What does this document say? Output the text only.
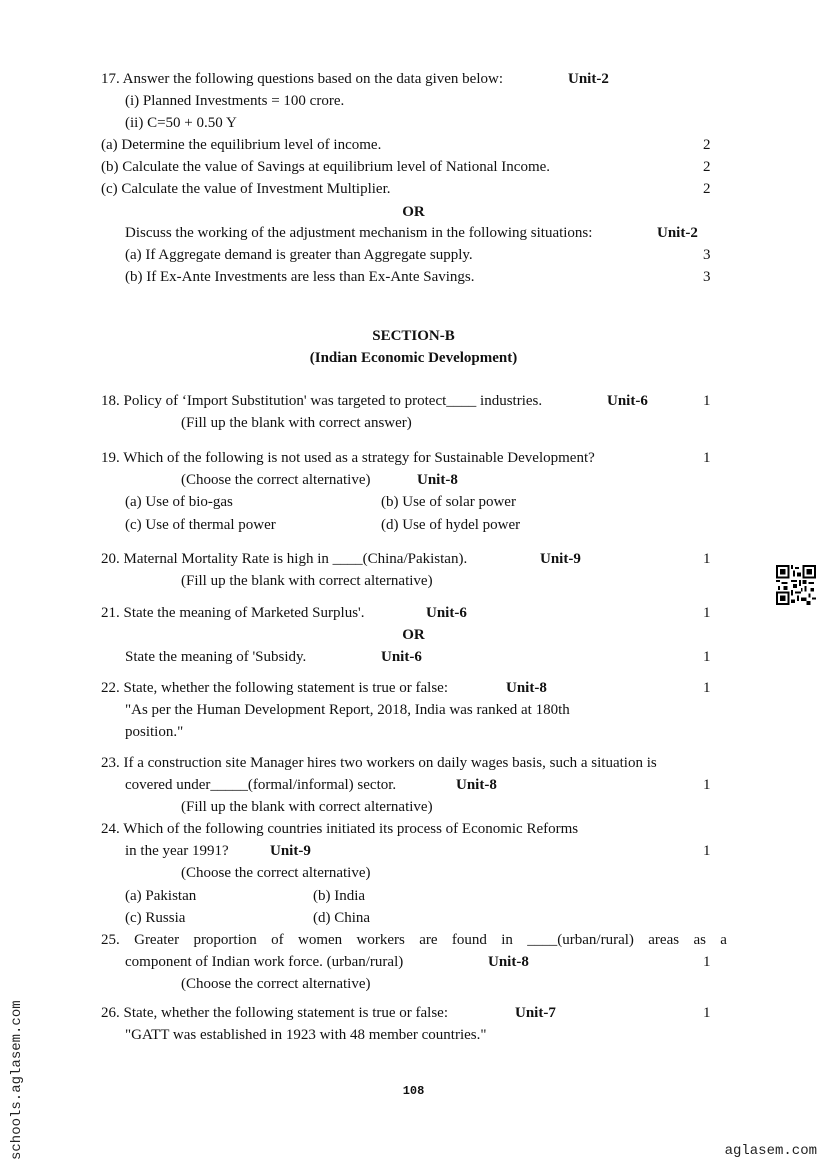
17. Answer the following questions based on the data given below:	Unit-2
(i) Planned Investments = 100 crore.
(ii) C=50 + 0.50 Y
(a) Determine the equilibrium level of income.	2
(b) Calculate the value of Savings at equilibrium level of National Income.	2
(c) Calculate the value of Investment Multiplier.	2
OR
Discuss the working of the adjustment mechanism in the following situations:	Unit-2
(a) If Aggregate demand is greater than Aggregate supply.	3
(b) If Ex-Ante Investments are less than Ex-Ante Savings.	3
SECTION-B
(Indian Economic Development)
18. Policy of ‘Import Substitution' was targeted to protect____ industries.	Unit-6	1
(Fill up the blank with correct answer)
19. Which of the following is not used as a strategy for Sustainable Development?	1
(Choose the correct alternative)	Unit-8
(a) Use of bio-gas	(b) Use of solar power
(c) Use of thermal power	(d) Use of hydel power
20. Maternal Mortality Rate is high in ____(China/Pakistan).	Unit-9	1
(Fill up the blank with correct alternative)
21. State the meaning of Marketed Surplus'.	Unit-6	1
OR
State the meaning of 'Subsidy.	Unit-6	1
22. State, whether the following statement is true or false:	Unit-8	1
"As per the Human Development Report, 2018, India was ranked at 180th
position."
23. If a construction site Manager hires two workers on daily wages basis, such a situation is
covered under_____(formal/informal) sector.	Unit-8	1
(Fill up the blank with correct alternative)
24. Which of the following countries initiated its process of Economic Reforms
in the year 1991?	Unit-9	1
(Choose the correct alternative)
(a) Pakistan	(b) India
(c) Russia	(d) China
25. Greater proportion of women workers are found in ____(urban/rural) areas as a
component of Indian work force. (urban/rural)	Unit-8	1
(Choose the correct alternative)
26. State, whether the following statement is true or false:	Unit-7	1
"GATT was established in 1923 with 48 member countries."
108
schools.aglasem.com	aglasem.com
